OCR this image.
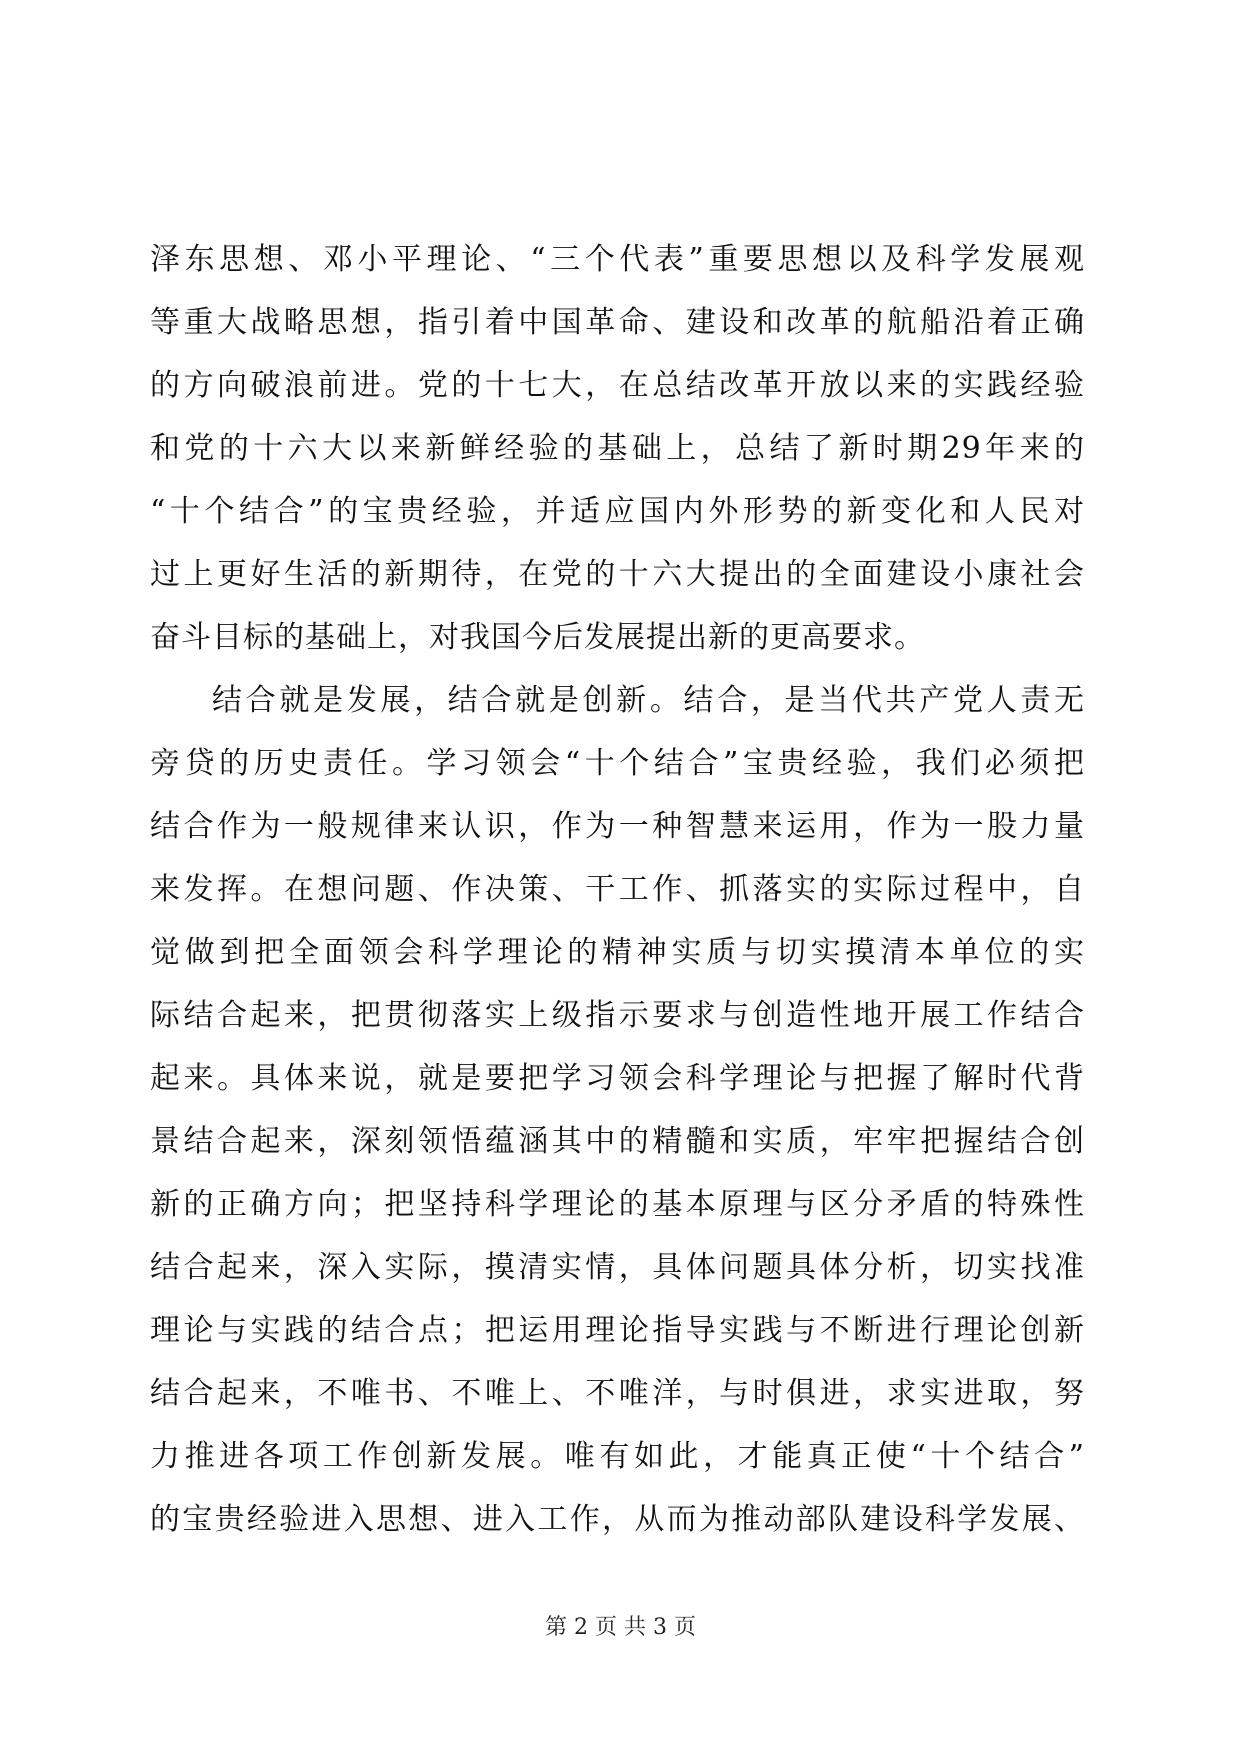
泽东思想、邓小平理论、“三个代表”重要思想以及科学发展观
等重大战略思想，指引着中国革命、建设和改革的航船沿着正确
的方向破浪前进。党的十七大，在总结改革开放以来的实践经验
和党的十六大以来新鲜经验的基础上，总结了新时期29年来的
“十个结合”的宝贵经验，并适应国内外形势的新变化和人民对
过上更好生活的新期待，在党的十六大提出的全面建设小康社会
奋斗目标的基础上，对我国今后发展提出新的更高要求。
结合就是发展，结合就是创新。结合，是当代共产党人责无
旁贷的历史责任。学习领会“十个结合”宝贵经验，我们必须把
结合作为一般规律来认识，作为一种智慧来运用，作为一股力量
来发挥。在想问题、作决策、干工作、抓落实的实际过程中，自
觉做到把全面领会科学理论的精神实质与切实摸清本单位的实
际结合起来，把贯彻落实上级指示要求与创造性地开展工作结合
起来。具体来说，就是要把学习领会科学理论与把握了解时代背
景结合起来，深刻领悟蕴涵其中的精髓和实质，牢牢把握结合创
新的正确方向；把坚持科学理论的基本原理与区分矛盾的特殊性
结合起来，深入实际，摸清实情，具体问题具体分析，切实找准
理论与实践的结合点；把运用理论指导实践与不断进行理论创新
结合起来，不唯书、不唯上、不唯洋，与时俱进，求实进取，努
力推进各项工作创新发展。唯有如此，才能真正使“十个结合”
的宝贵经验进入思想、进入工作，从而为推动部队建设科学发展、
第 2 页 共 3 页
